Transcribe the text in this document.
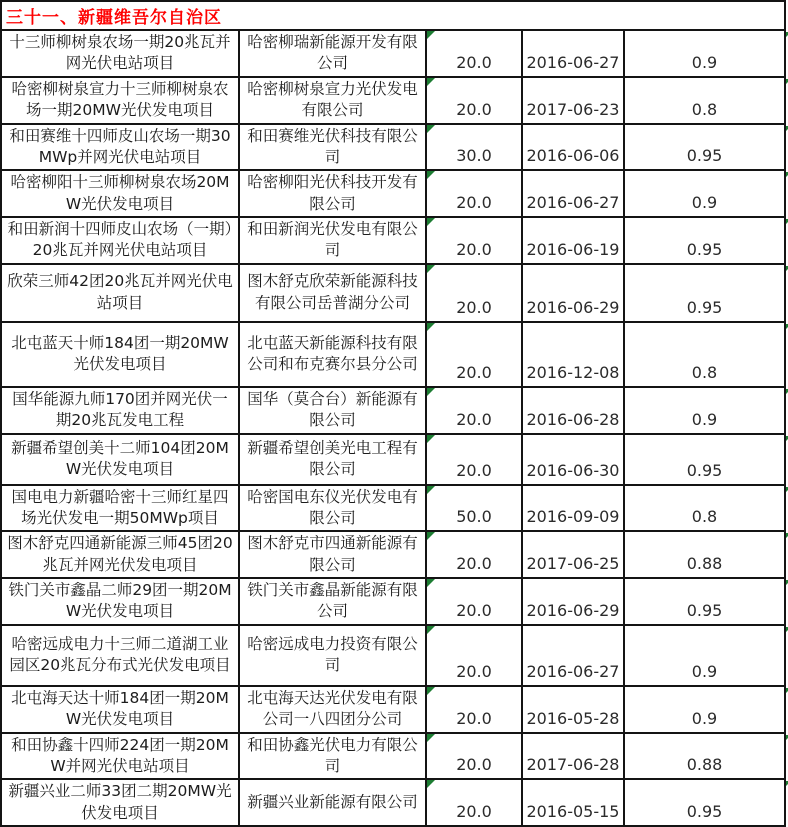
三十一、新疆维吾尔自治区				
十三师柳树泉农场一期20兆瓦并网光伏电站项目	哈密柳瑞新能源开发有限公司	20.0	2016-06-27	0.9
哈密柳树泉宣力十三师柳树泉农场一期20MW光伏发电项目	哈密柳树泉宣力光伏发电有限公司	20.0	2017-06-23	0.8
和田赛维十四师皮山农场一期30MWp并网光伏电站项目	和田赛维光伏科技有限公司	30.0	2016-06-06	0.95
哈密柳阳十三师柳树泉农场20MW光伏发电项目	哈密柳阳光伏科技开发有限公司	20.0	2016-06-27	0.9
和田新润十四师皮山农场（一期）20兆瓦并网光伏电站项目	和田新润光伏发电有限公司	20.0	2016-06-19	0.95
欣荣三师42团20兆瓦并网光伏电站项目	图木舒克欣荣新能源科技有限公司岳普湖分公司	20.0	2016-06-29	0.95
北屯蓝天十师184团一期20MW光伏发电项目	北屯蓝天新能源科技有限公司和布克赛尔县分公司	20.0	2016-12-08	0.8
国华能源九师170团并网光伏一期20兆瓦发电工程	国华（莫合台）新能源有限公司	20.0	2016-06-28	0.9
新疆希望创美十二师104团20MW光伏发电项目	新疆希望创美光电工程有限公司	20.0	2016-06-30	0.95
国电电力新疆哈密十三师红星四场光伏发电一期50MWp项目	哈密国电东仪光伏发电有限公司	50.0	2016-09-09	0.8
图木舒克四通新能源三师45团20兆瓦并网光伏发电项目	图木舒克市四通新能源有限公司	20.0	2017-06-25	0.88
铁门关市鑫晶二师29团一期20MW光伏发电项目	铁门关市鑫晶新能源有限公司	20.0	2016-06-29	0.95
哈密远成电力十三师二道湖工业园区20兆瓦分布式光伏发电项目	哈密远成电力投资有限公司	20.0	2016-06-27	0.9
北屯海天达十师184团一期20MW光伏发电项目	北屯海天达光伏发电有限公司一八四团分公司	20.0	2016-05-28	0.9
和田协鑫十四师224团一期20MW并网光伏电站项目	和田协鑫光伏电力有限公司	20.0	2017-06-28	0.88
新疆兴业二师33团二期20MW光伏发电项目	新疆兴业新能源有限公司	20.0	2016-05-15	0.95
